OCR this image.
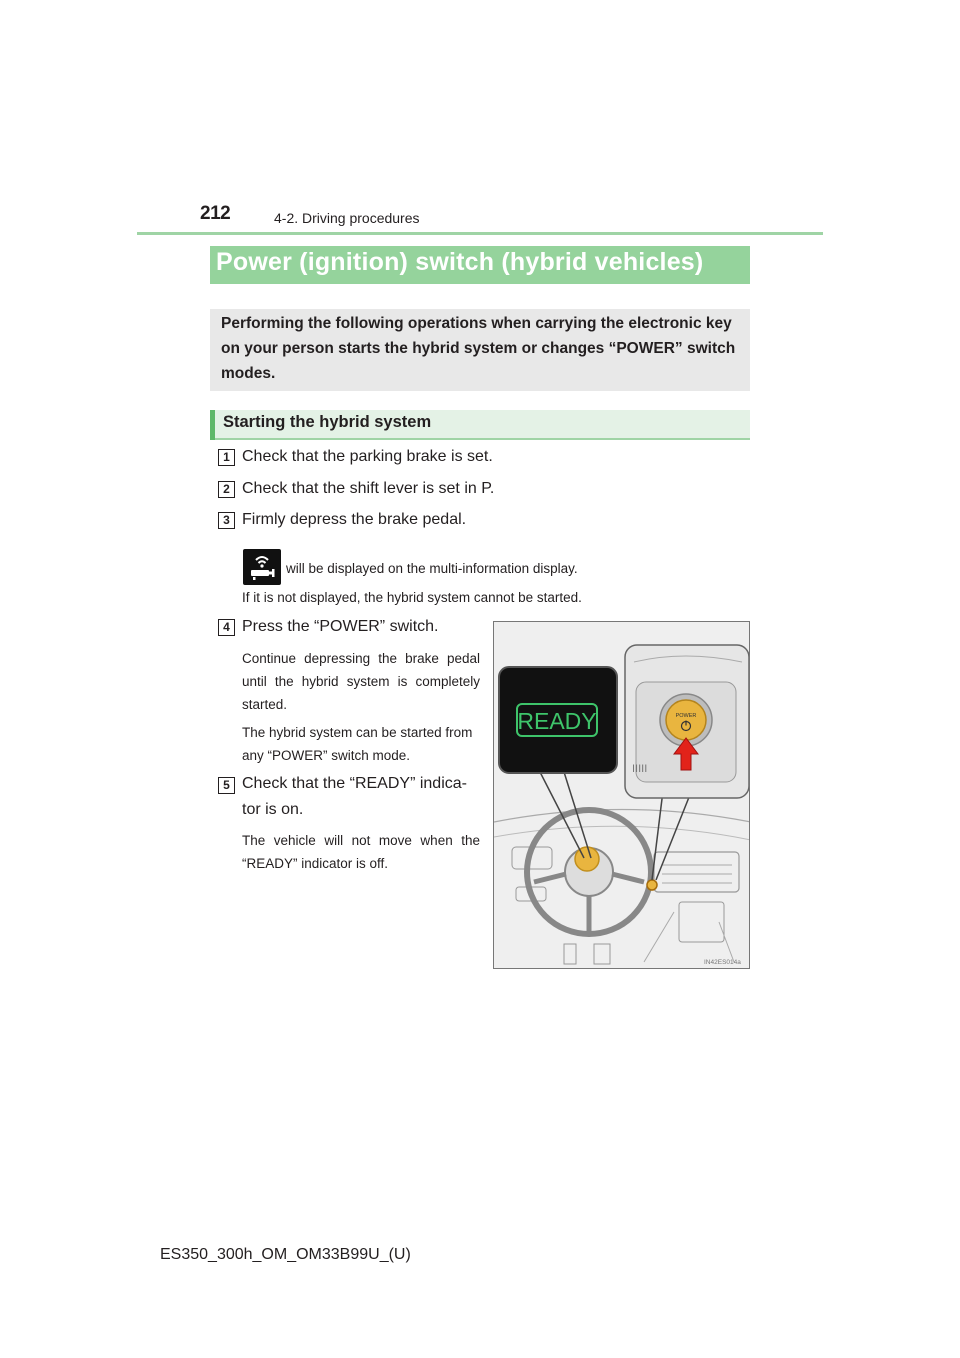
212	4-2. Driving procedures
Power (ignition) switch (hybrid vehicles)
Performing the following operations when carrying the electronic key on your person starts the hybrid system or changes “POWER” switch modes.
Starting the hybrid system
1 Check that the parking brake is set.
2 Check that the shift lever is set in P.
3 Firmly depress the brake pedal.
will be displayed on the multi-information display.
If it is not displayed, the hybrid system cannot be started.
4 Press the “POWER” switch.
Continue depressing the brake pedal until the hybrid system is completely started.
The hybrid system can be started from any “POWER” switch mode.
5 Check that the “READY” indica-
tor is on.
The vehicle will not move when the “READY” indicator is off.
POWER
IIIII
READY
IN42ES014a
ES350_300h_OM_OM33B99U_(U)
